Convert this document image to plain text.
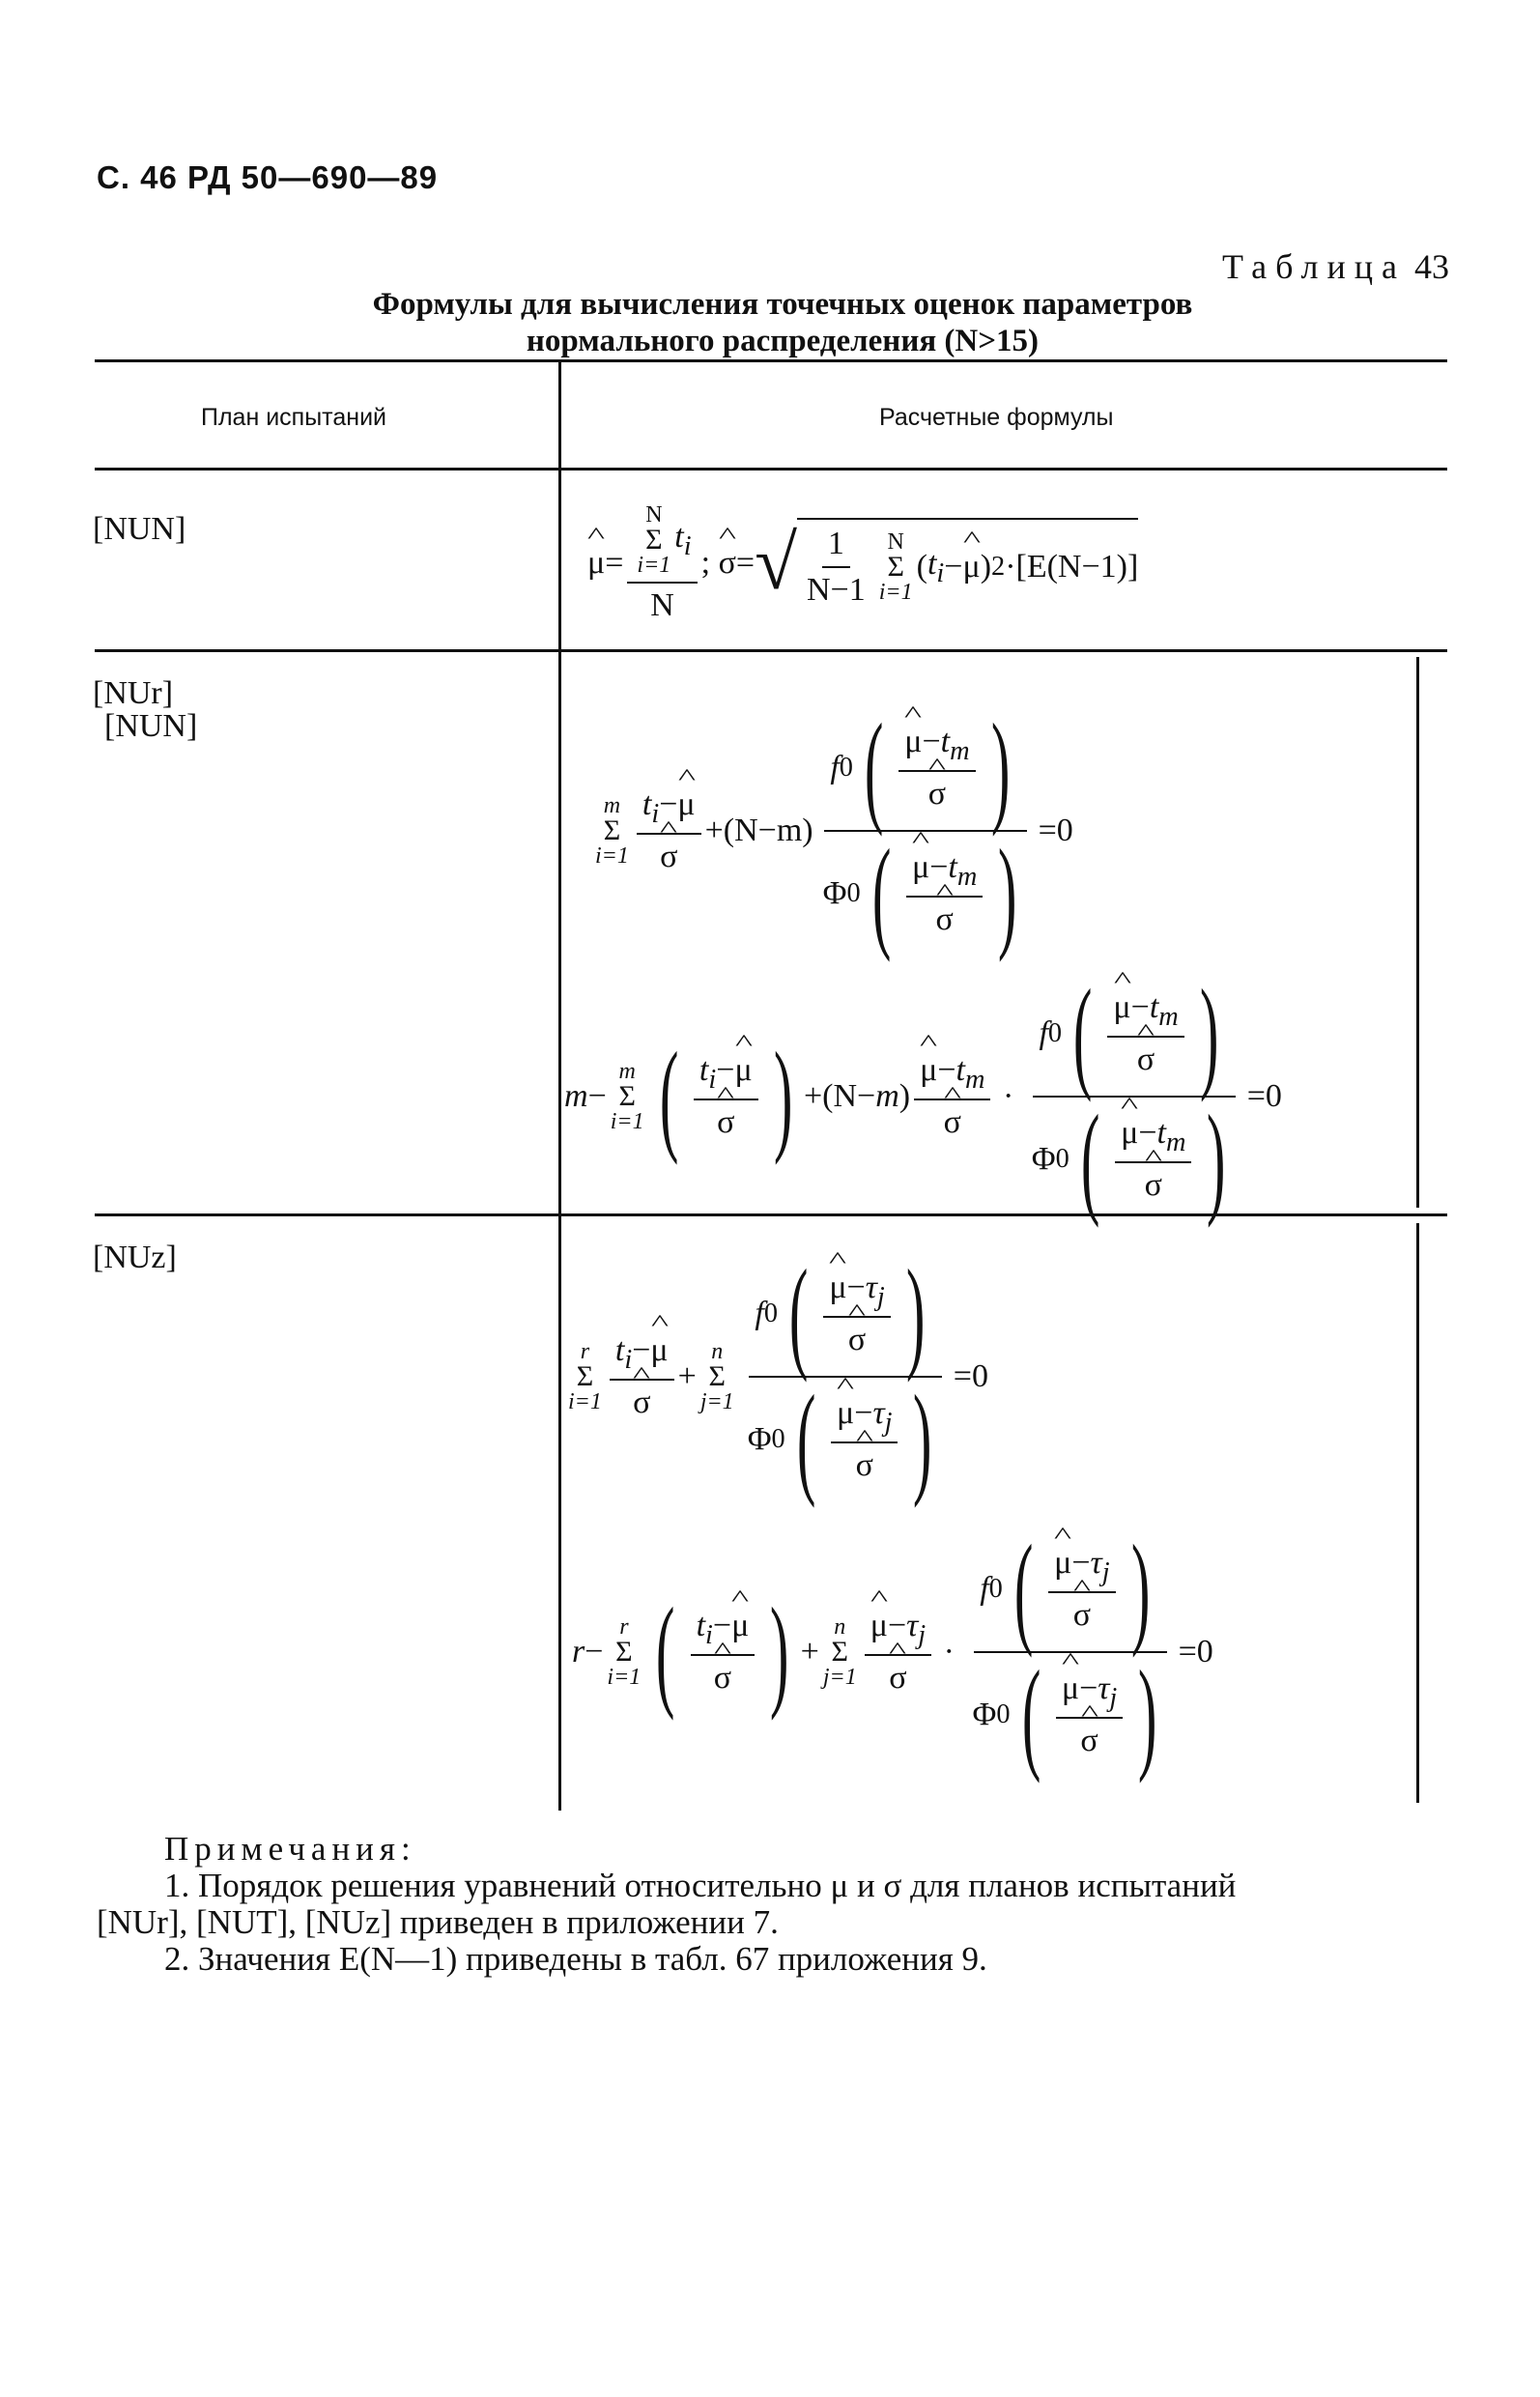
С. 46 РД 50—690—89
Таблица 43
Формулы для вычисления точечных оценок параметров
нормального распределения (N>15)
План испытаний	Расчетные формулы
[NUN]
[NUr]
[NUN]
[NUz]
^ μ = N
Σ
i=1
$t_i$
N ; ^ σ = √ $\frac{1}{N-1}$ N
Σ
i=1
( $t_i$ − ^ μ ) 2 ·[E(N−1)]
m
Σ
i=1 $t_i-\^{}$ μ
^ σ +(N−m) f 0 ( ^ $\mu-t_m$
^ σ )
Φ 0 ( ^ $\mu-t_m$
^ σ ) =0
m −
m
Σ
i=1 ( $t_i-\^{}$ μ
^ σ ) +(N− m ) ^ $\mu-t_m$
^ σ · f 0 ( ^ $\mu-t_m$
^ σ )
Φ 0 ( ^ $\mu-t_m$
^ σ ) =0
r
Σ
i=1 $t_i-\^{}$ μ
^ σ +
n
Σ
j=1 f 0 ( ^ $\mu-\tau_j$
^ σ )
Φ 0 ( ^ $\mu-\tau_j$
^ σ ) =0
r −
r
Σ
i=1 ( $t_i-\^{}$ μ
^ σ ) +
n
Σ
j=1 ^ $\mu-\tau_j$
^ σ · f 0 ( ^ $\mu-\tau_j$
^ σ )
Φ 0 ( ^ $\mu-\tau_j$
^ σ ) =0

Примечания:

1. Порядок решения уравнений относительно μ и σ для планов испытаний

[NUr], [NUT], [NUz] приведен в приложении 7.

2. Значения E(N—1) приведены в табл. 67 приложения 9.
